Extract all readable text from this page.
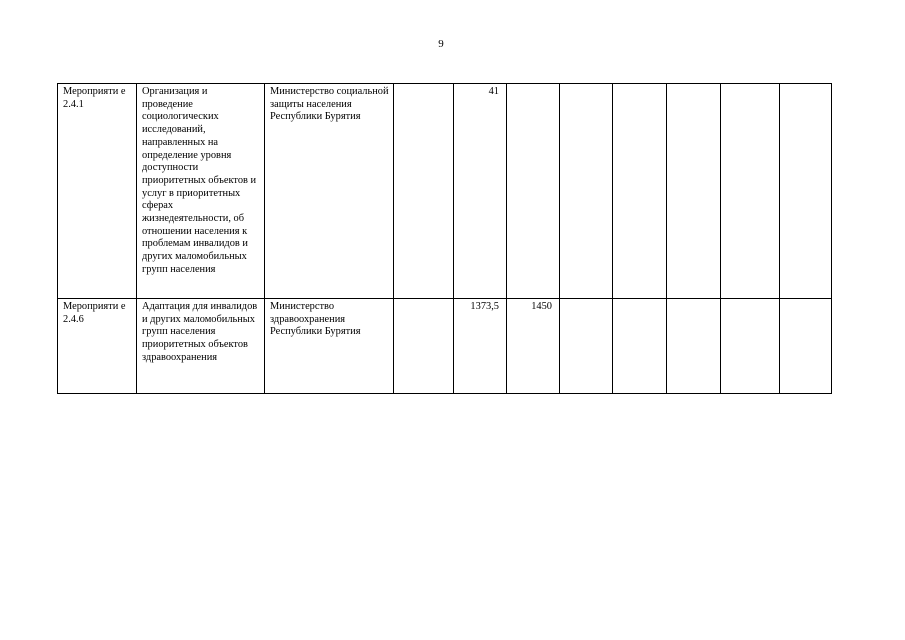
9
Мероприяти е 2.4.1	Организация и проведение социологических исследований, направленных на определение уровня доступности приоритетных объектов и услуг в приоритетных сферах жизнедеятельности, об отношении населения к проблемам инвалидов и других маломобильных групп населения	Министерство социальной защиты населения Республики Бурятия		41						
Мероприяти е 2.4.6	Адаптация для инвалидов и других маломобильных групп населения приоритетных объектов здравоохранения	Министерство здравоохранения Республики Бурятия		1373,5	1450					
